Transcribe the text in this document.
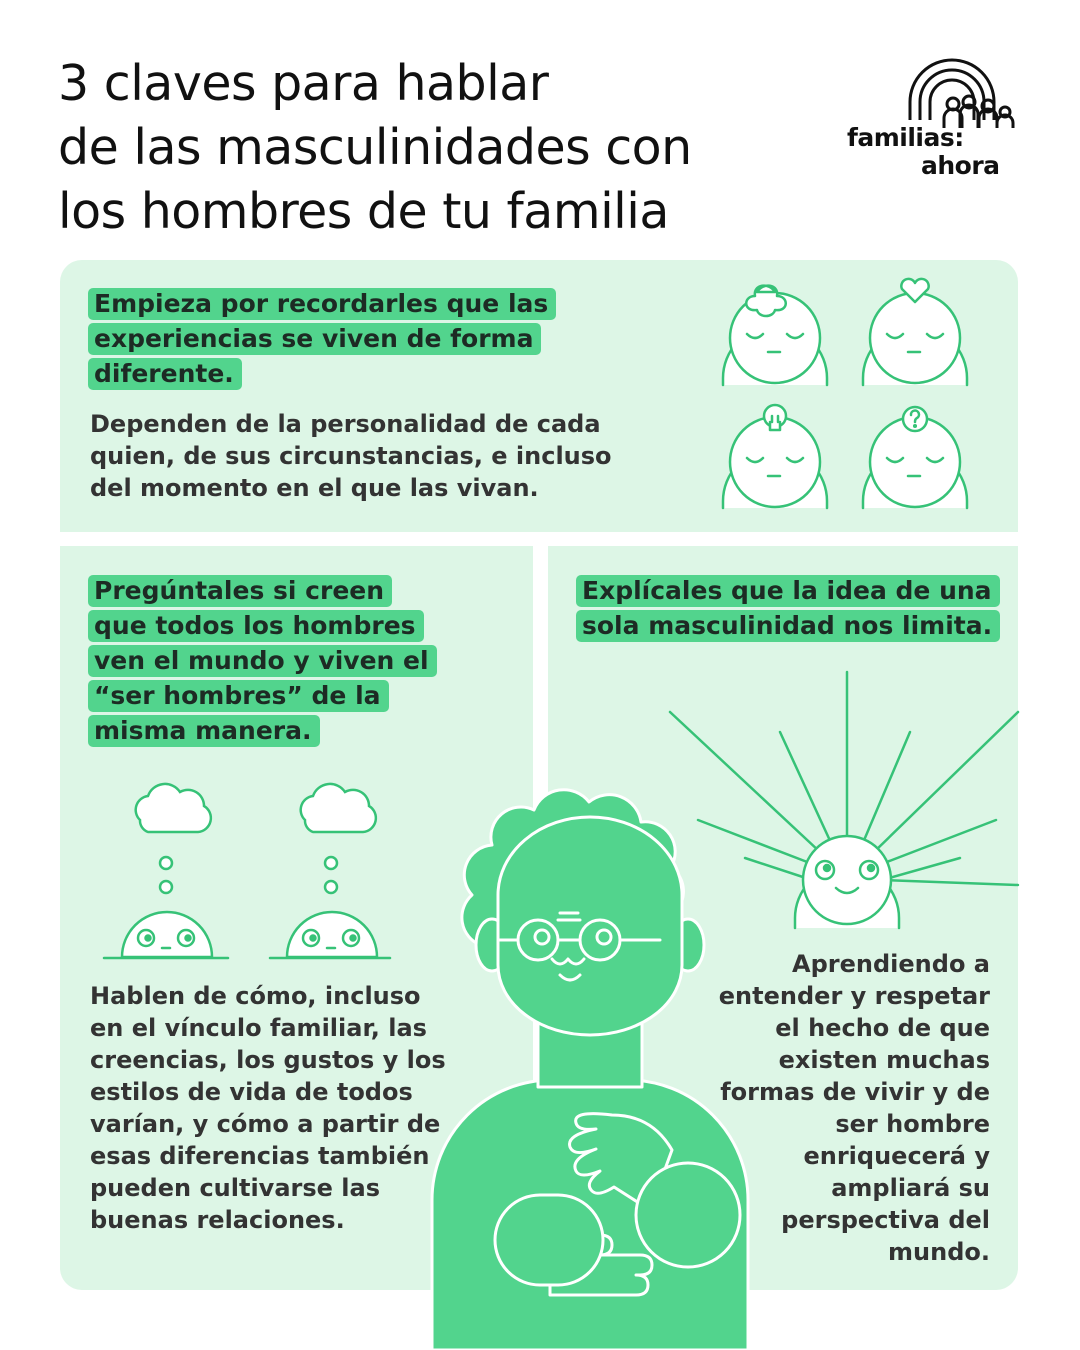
3 claves para hablar
de las masculinidades con
los hombres de tu familia
familias:
ahora
Empieza por recordarles que las experiencias se viven de forma diferente.
Dependen de la personalidad de cada quien, de sus circunstancias, e incluso del momento en el que las vivan.
Pregúntales si creen que todos los hombres ven el mundo y viven el “ser hombres” de la misma manera.
Hablen de cómo, incluso en el vínculo familiar, las creencias, los gustos y los estilos de vida de todos varían, y cómo a partir de esas diferencias también pueden cultivarse las buenas relaciones.
Explícales que la idea de una sola masculinidad nos limita.
Aprendiendo a entender y respetar el hecho de que existen muchas formas de vivir y de ser hombre enriquecerá y ampliará su perspectiva del mundo.
